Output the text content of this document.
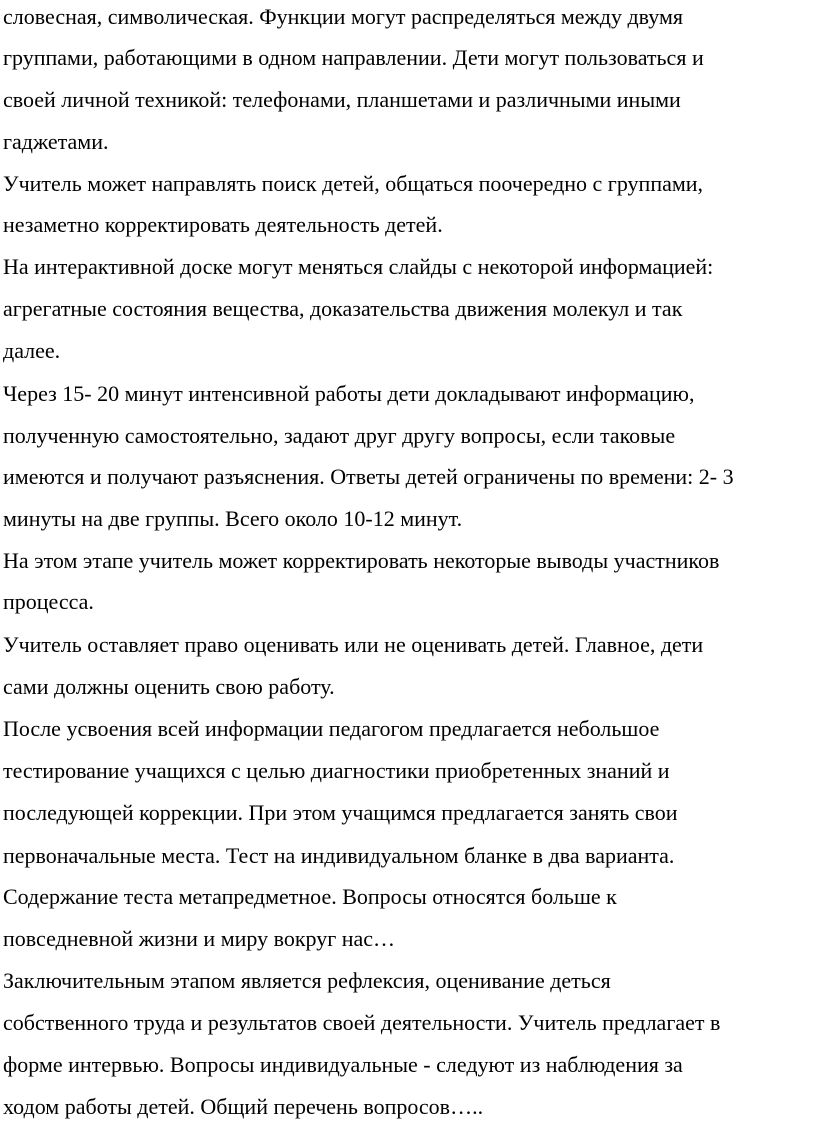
словесная, символическая. Функции могут распределяться между двумя
группами, работающими в одном направлении. Дети могут пользоваться и
своей личной техникой: телефонами, планшетами и различными иными
гаджетами.
Учитель может направлять поиск детей, общаться поочередно с группами,
незаметно корректировать деятельность детей.
На интерактивной доске могут меняться слайды с некоторой информацией:
агрегатные состояния вещества, доказательства движения молекул и так
далее.
Через 15- 20 минут интенсивной работы дети докладывают информацию,
полученную самостоятельно, задают друг другу вопросы, если таковые
имеются и получают разъяснения. Ответы детей ограничены по времени: 2- 3
минуты на две группы. Всего около 10-12 минут.
На этом этапе учитель может корректировать некоторые выводы участников
процесса.
Учитель оставляет право оценивать или не оценивать детей. Главное, дети
сами должны оценить свою работу.
После усвоения всей информации педагогом предлагается небольшое
тестирование учащихся с целью диагностики приобретенных знаний и
последующей коррекции. При этом учащимся предлагается занять свои
первоначальные места. Тест на индивидуальном бланке в два варианта.
Содержание теста метапредметное. Вопросы относятся больше к
повседневной жизни и миру вокруг нас…
Заключительным этапом является рефлексия, оценивание деться
собственного труда и результатов своей деятельности. Учитель предлагает в
форме интервью. Вопросы индивидуальные - следуют из наблюдения за
ходом работы детей. Общий перечень вопросов…..
